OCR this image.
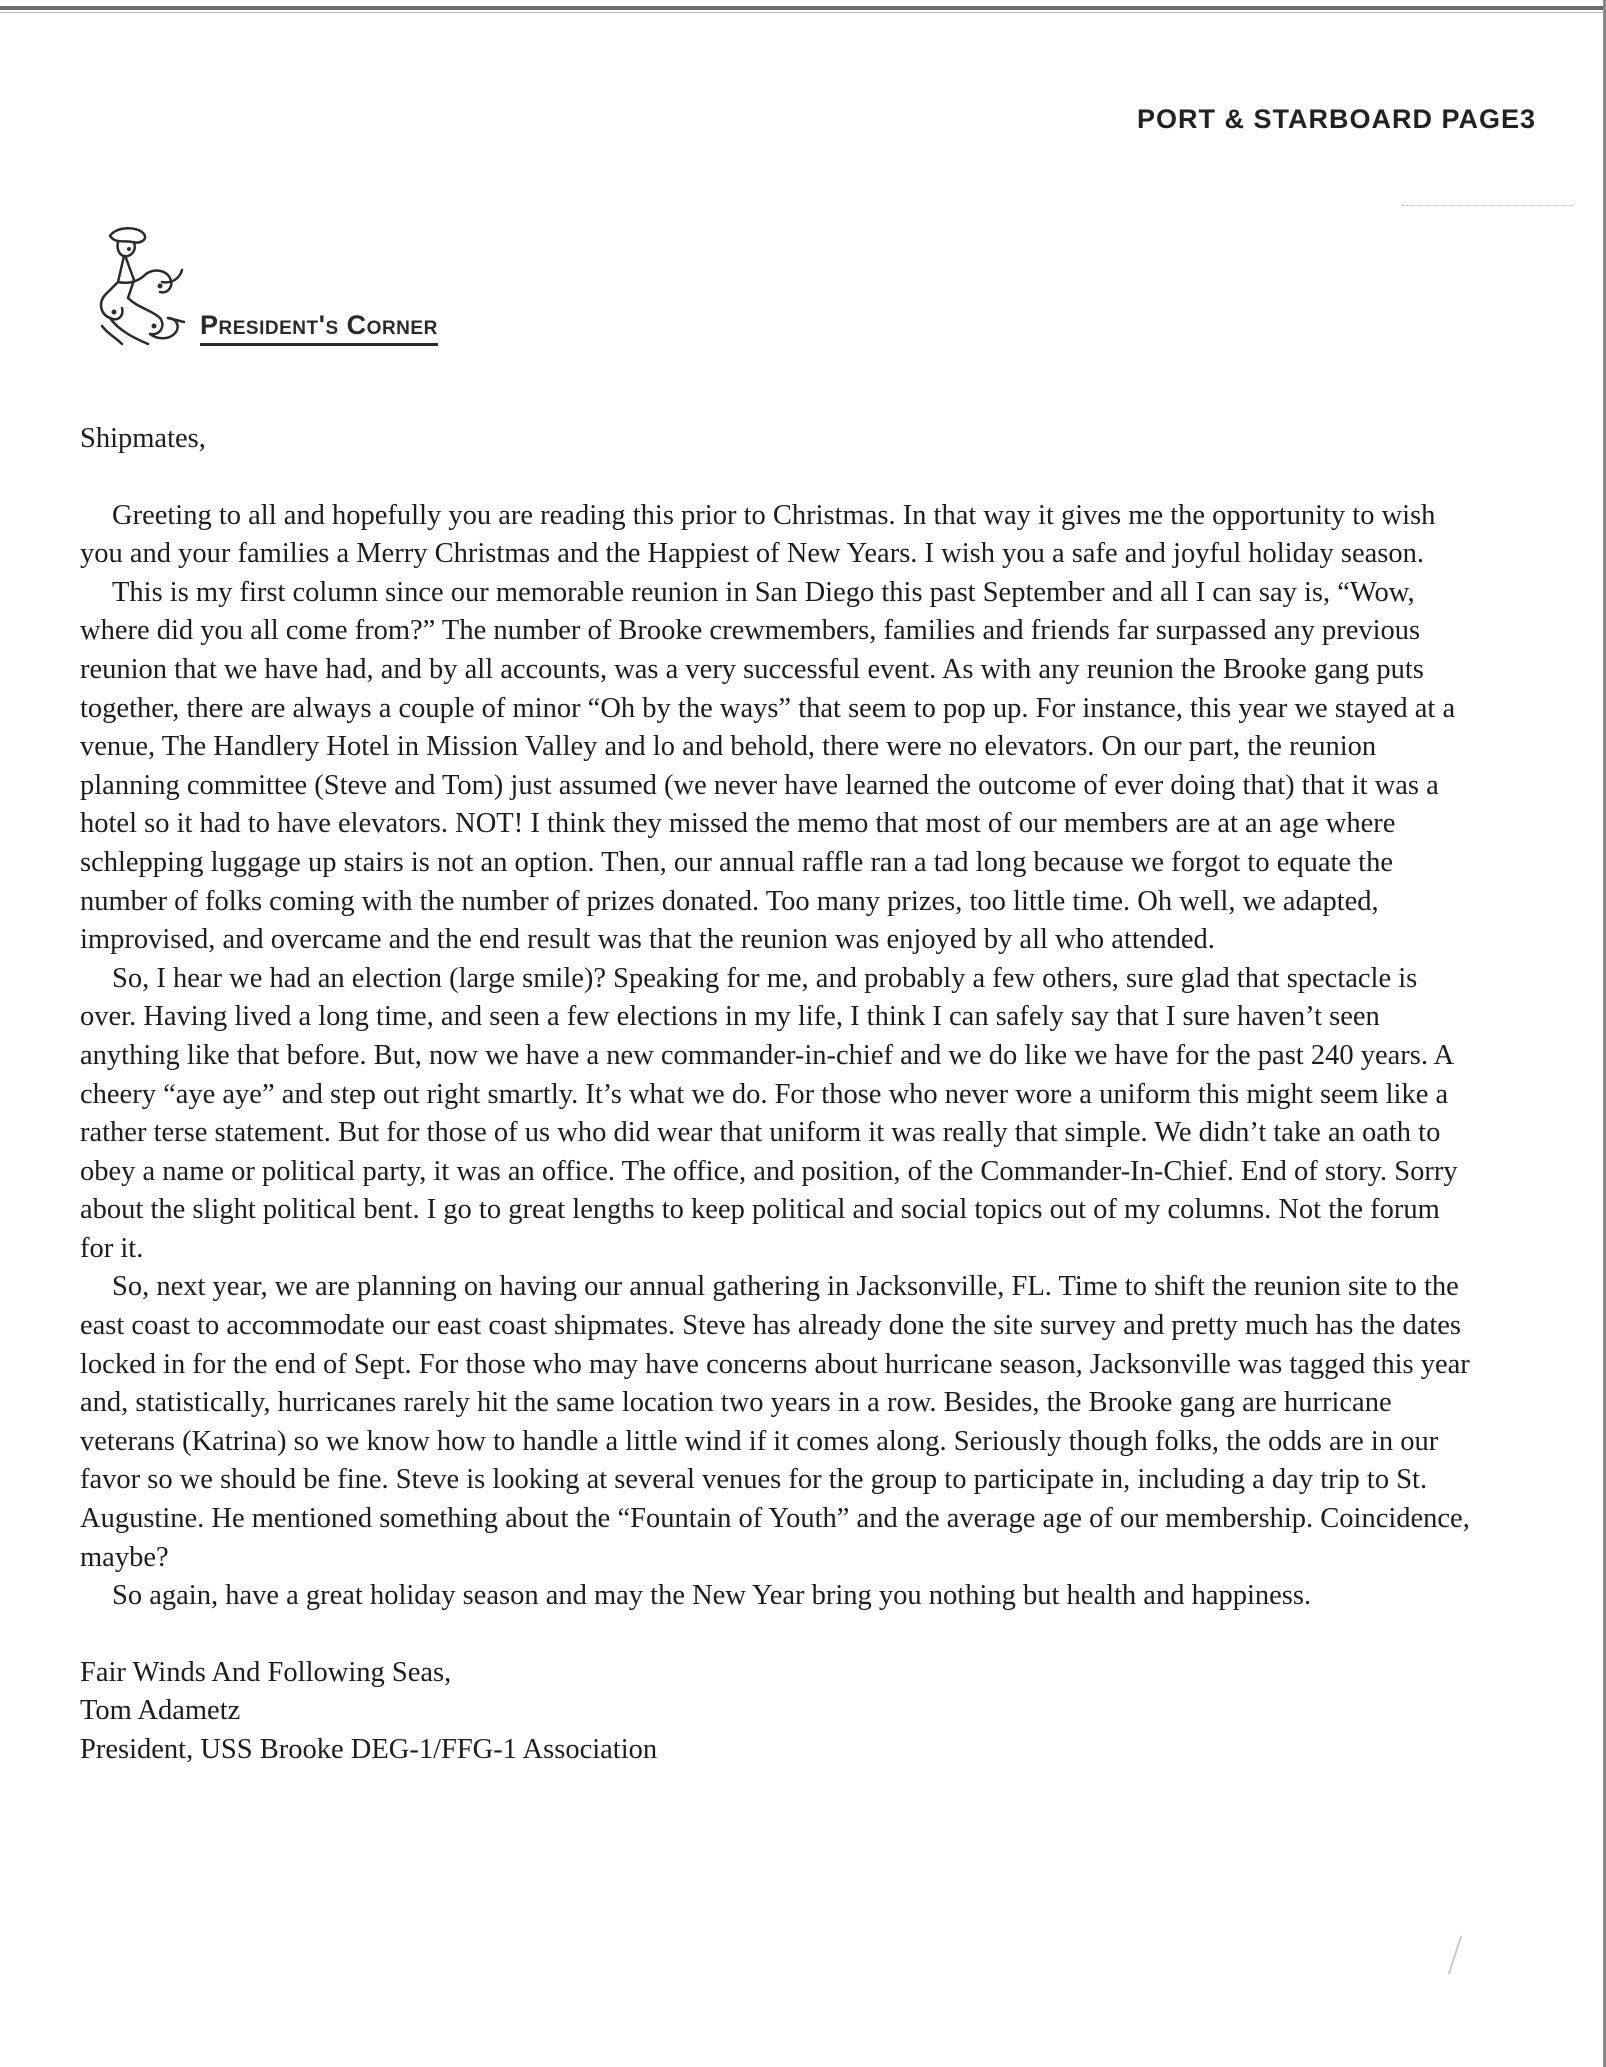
PORT & STARBOARD PAGE3
President's Corner

Shipmates,

Greeting to all and hopefully you are reading this prior to Christmas. In that way it gives me the opportunity to wish you and your families a Merry Christmas and the Happiest of New Years. I wish you a safe and joyful holiday season.

This is my first column since our memorable reunion in San Diego this past September and all I can say is, “Wow, where did you all come from?” The number of Brooke crewmembers, families and friends far surpassed any previous reunion that we have had, and by all accounts, was a very successful event. As with any reunion the Brooke gang puts together, there are always a couple of minor “Oh by the ways” that seem to pop up. For instance, this year we stayed at a venue, The Handlery Hotel in Mission Valley and lo and behold, there were no elevators. On our part, the reunion planning committee (Steve and Tom) just assumed (we never have learned the outcome of ever doing that) that it was a hotel so it had to have elevators. NOT! I think they missed the memo that most of our members are at an age where schlepping luggage up stairs is not an option. Then, our annual raffle ran a tad long because we forgot to equate the number of folks coming with the number of prizes donated. Too many prizes, too little time. Oh well, we adapted, improvised, and overcame and the end result was that the reunion was enjoyed by all who attended.

So, I hear we had an election (large smile)? Speaking for me, and probably a few others, sure glad that spectacle is over. Having lived a long time, and seen a few elections in my life, I think I can safely say that I sure haven’t seen anything like that before. But, now we have a new commander-in-chief and we do like we have for the past 240 years. A cheery “aye aye” and step out right smartly. It’s what we do. For those who never wore a uniform this might seem like a rather terse statement. But for those of us who did wear that uniform it was really that simple. We didn’t take an oath to obey a name or political party, it was an office. The office, and position, of the Commander-In-Chief. End of story. Sorry about the slight political bent. I go to great lengths to keep political and social topics out of my columns. Not the forum for it.

So, next year, we are planning on having our annual gathering in Jacksonville, FL. Time to shift the reunion site to the east coast to accommodate our east coast shipmates. Steve has already done the site survey and pretty much has the dates locked in for the end of Sept. For those who may have concerns about hurricane season, Jacksonville was tagged this year and, statistically, hurricanes rarely hit the same location two years in a row. Besides, the Brooke gang are hurricane veterans (Katrina) so we know how to handle a little wind if it comes along. Seriously though folks, the odds are in our favor so we should be fine. Steve is looking at several venues for the group to participate in, including a day trip to St. Augustine. He mentioned something about the “Fountain of Youth” and the average age of our membership. Coincidence, maybe?

So again, have a great holiday season and may the New Year bring you nothing but health and happiness.

Fair Winds And Following Seas,
Tom Adametz
President, USS Brooke DEG-1/FFG-1 Association
